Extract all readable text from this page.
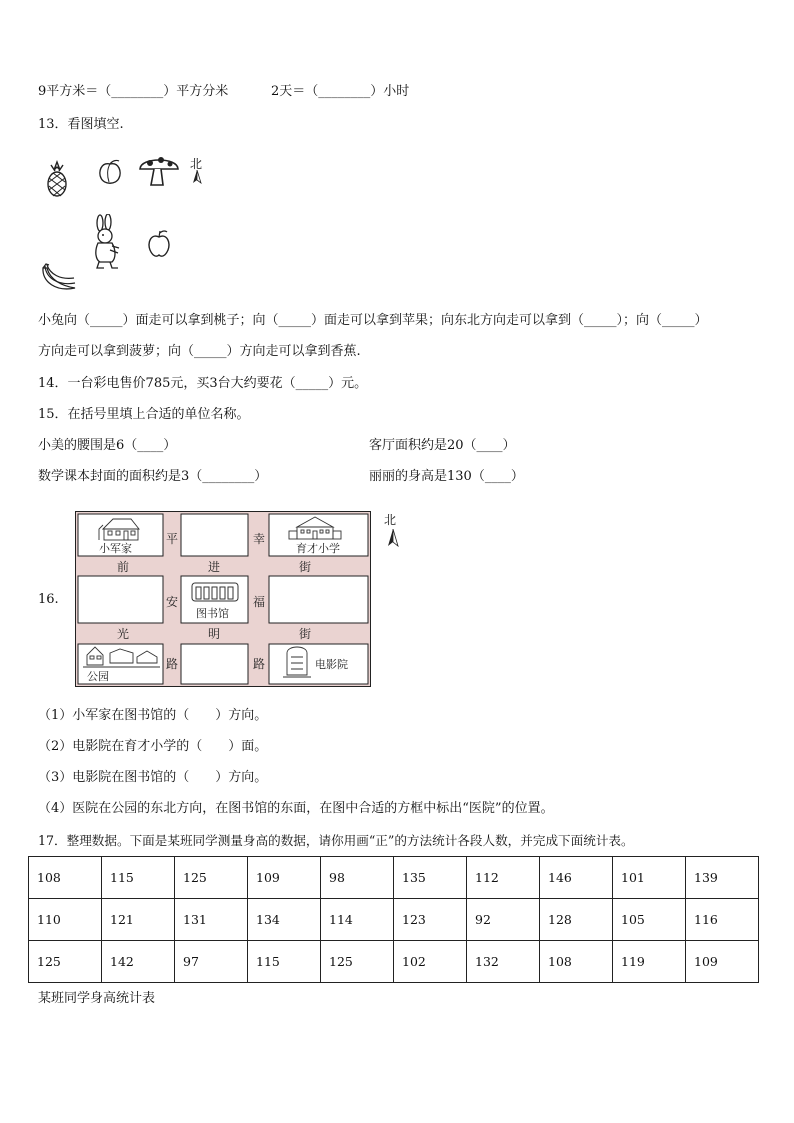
9平方米＝（________）平方分米	2天＝（________）小时
13．看图填空.
北
小兔向（_____）面走可以拿到桃子；向（_____）面走可以拿到苹果；向东北方向走可以拿到（_____）；向（_____）
方向走可以拿到菠萝；向（_____）方向走可以拿到香蕉.
14．一台彩电售价785元，买3台大约要花（_____）元。
15．在括号里填上合适的单位名称。
小美的腰围是6（____）	客厅面积约是20（____）
数学课本封面的面积约是3（________）	丽丽的身高是130（____）
16.
小军家	育才小学
图书馆
公园
电影院
前	进	街
光	明	街
平
安
路
幸
福
路
北
（1）小军家在图书馆的（　　）方向。
（2）电影院在育才小学的（　　）面。
（3）电影院在图书馆的（　　）方向。
（4）医院在公园的东北方向，在图书馆的东面，在图中合适的方框中标出“医院”的位置。
17．整理数据。下面是某班同学测量身高的数据，请你用画“正”的方法统计各段人数，并完成下面统计表。
108	115	125	109	98	135	112	146	101	139
110	121	131	134	114	123	92	128	105	116
125	142	97	115	125	102	132	108	119	109
某班同学身高统计表
